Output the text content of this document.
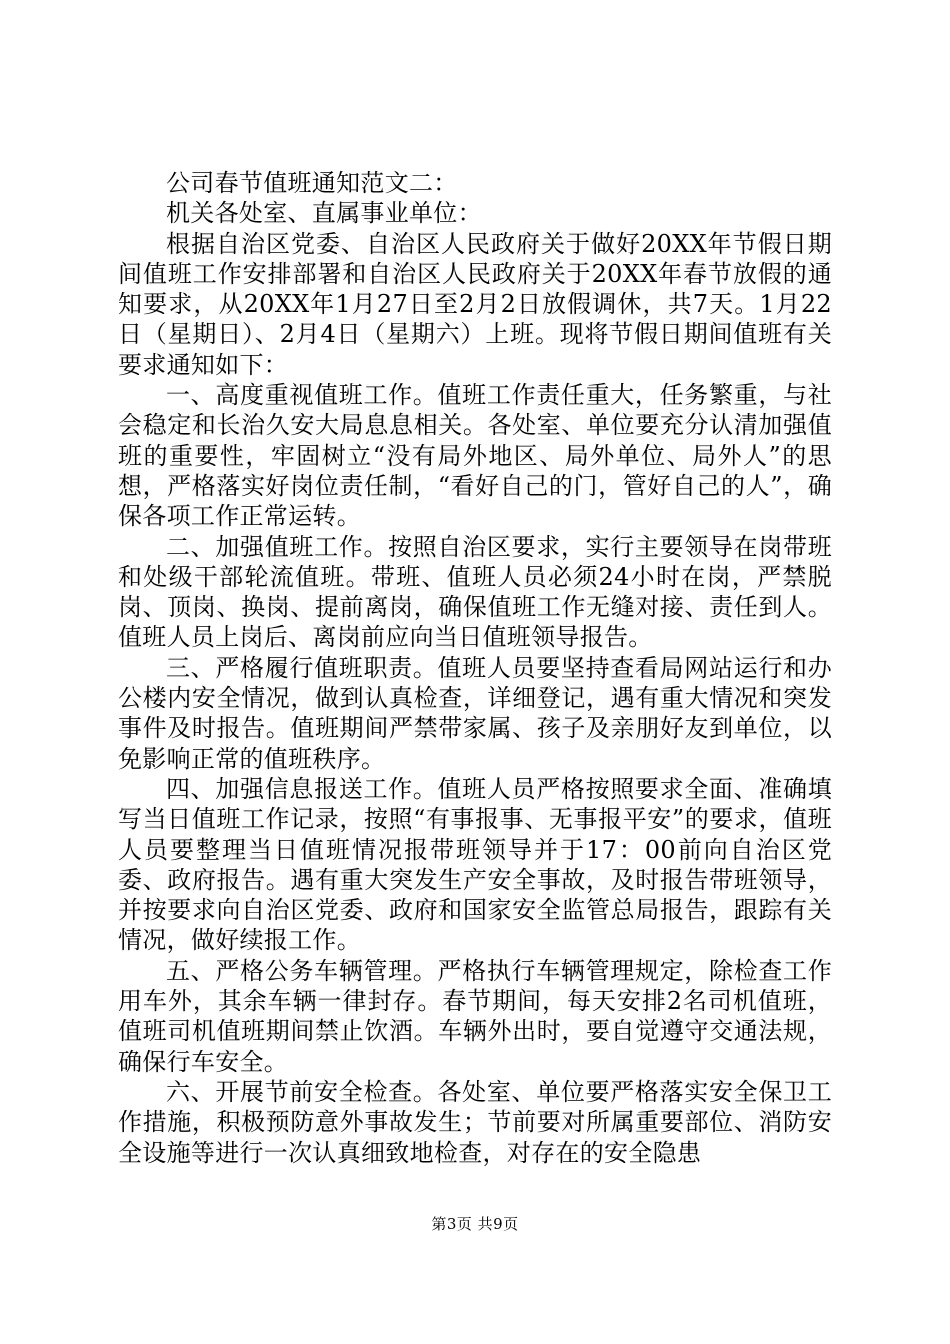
公司春节值班通知范文二：

机关各处室、直属事业单位：

根据自治区党委、自治区人民政府关于做好20XX年节假日期间值班工作安排部署和自治区人民政府关于20XX年春节放假的通知要求，从20XX年1月27日至2月2日放假调休，共7天。1月22日（星期日）、2月4日（星期六）上班。现将节假日期间值班有关要求通知如下：

一、高度重视值班工作。值班工作责任重大，任务繁重，与社会稳定和长治久安大局息息相关。各处室、单位要充分认清加强值班的重要性，牢固树立“没有局外地区、局外单位、局外人”的思想，严格落实好岗位责任制，“看好自己的门，管好自己的人”，确保各项工作正常运转。

二、加强值班工作。按照自治区要求，实行主要领导在岗带班和处级干部轮流值班。带班、值班人员必须24小时在岗，严禁脱岗、顶岗、换岗、提前离岗，确保值班工作无缝对接、责任到人。值班人员上岗后、离岗前应向当日值班领导报告。

三、严格履行值班职责。值班人员要坚持查看局网站运行和办公楼内安全情况，做到认真检查，详细登记，遇有重大情况和突发事件及时报告。值班期间严禁带家属、孩子及亲朋好友到单位，以免影响正常的值班秩序。

四、加强信息报送工作。值班人员严格按照要求全面、准确填写当日值班工作记录，按照“有事报事、无事报平安”的要求，值班人员要整理当日值班情况报带班领导并于17：00前向自治区党委、政府报告。遇有重大突发生产安全事故，及时报告带班领导，并按要求向自治区党委、政府和国家安全监管总局报告，跟踪有关情况，做好续报工作。

五、严格公务车辆管理。严格执行车辆管理规定，除检查工作用车外，其余车辆一律封存。春节期间，每天安排2名司机值班，值班司机值班期间禁止饮酒。车辆外出时，要自觉遵守交通法规，确保行车安全。

六、开展节前安全检查。各处室、单位要严格落实安全保卫工作措施，积极预防意外事故发生；节前要对所属重要部位、消防安全设施等进行一次认真细致地检查，对存在的安全隐患

第3页 共9页
